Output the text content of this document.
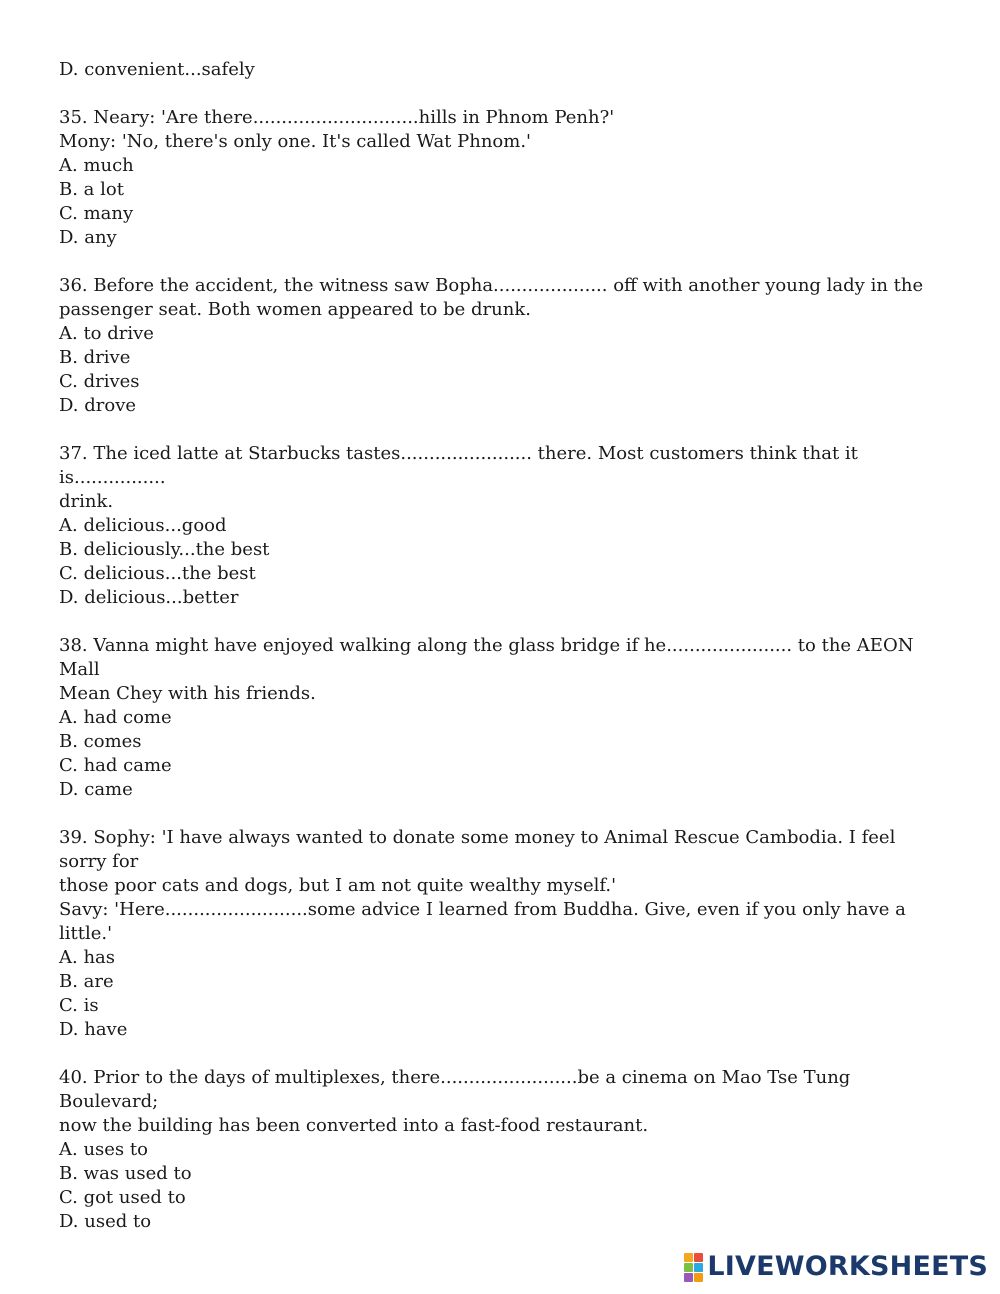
D. convenient...safely
35. Neary: 'Are there.............................hills in Phnom Penh?'
Mony: 'No, there's only one. It's called Wat Phnom.'
A. much
B. a lot
C. many
D. any
36. Before the accident, the witness saw Bopha.................... off with another young lady in the
passenger seat. Both women appeared to be drunk.
A. to drive
B. drive
C. drives
D. drove
37. The iced latte at Starbucks tastes....................... there. Most customers think that it is................
drink.
A. delicious...good
B. deliciously...the best
C. delicious...the best
D. delicious...better
38. Vanna might have enjoyed walking along the glass bridge if he...................... to the AEON Mall
Mean Chey with his friends.
A. had come
B. comes
C. had came
D. came
39. Sophy: 'I have always wanted to donate some money to Animal Rescue Cambodia. I feel sorry for
those poor cats and dogs, but I am not quite wealthy myself.'
Savy: 'Here.........................some advice I learned from Buddha. Give, even if you only have a little.'
A. has
B. are
C. is
D. have
40. Prior to the days of multiplexes, there........................be a cinema on Mao Tse Tung Boulevard;
now the building has been converted into a fast-food restaurant.
A. uses to
B. was used to
C. got used to
D. used to
LIVEWORKSHEETS
